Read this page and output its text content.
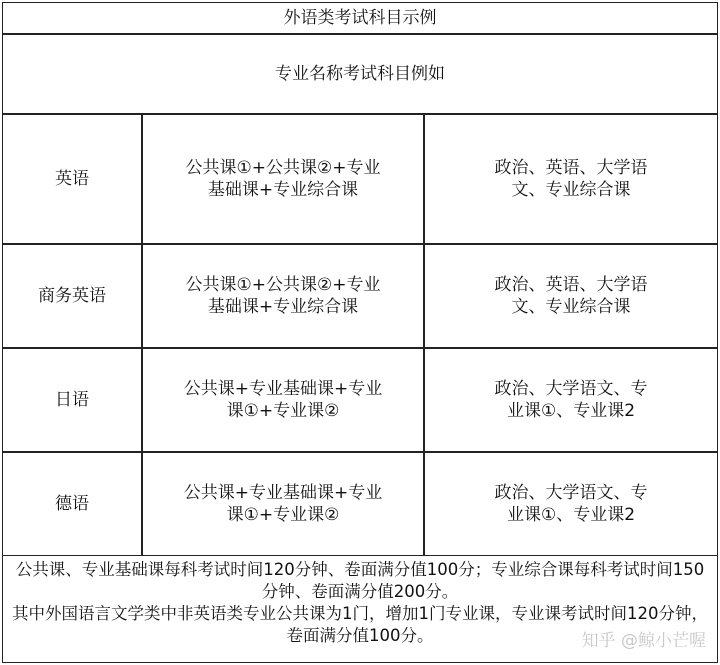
外语类考试科目示例
专业名称考试科目例如
英语
公共课①+公共课②+专业
基础课+专业综合课
政治、英语、大学语
文、专业综合课
商务英语
公共课①+公共课②+专业
基础课+专业综合课
政治、英语、大学语
文、专业综合课
日语
公共课+专业基础课+专业
课①+专业课②
政治、大学语文、专
业课①、专业课2
德语
公共课+专业基础课+专业
课①+专业课②
政治、大学语文、专
业课①、专业课2

公共课、专业基础课每科考试时间120分钟、卷面满分值100分；专业综合课每科考试时间150分钟、卷面满分值200分。

其中外国语言文学类中非英语类专业公共课为1门，增加1门专业课，专业课考试时间120分钟，卷面满分值100分。	知乎 @鲸小芒喔
